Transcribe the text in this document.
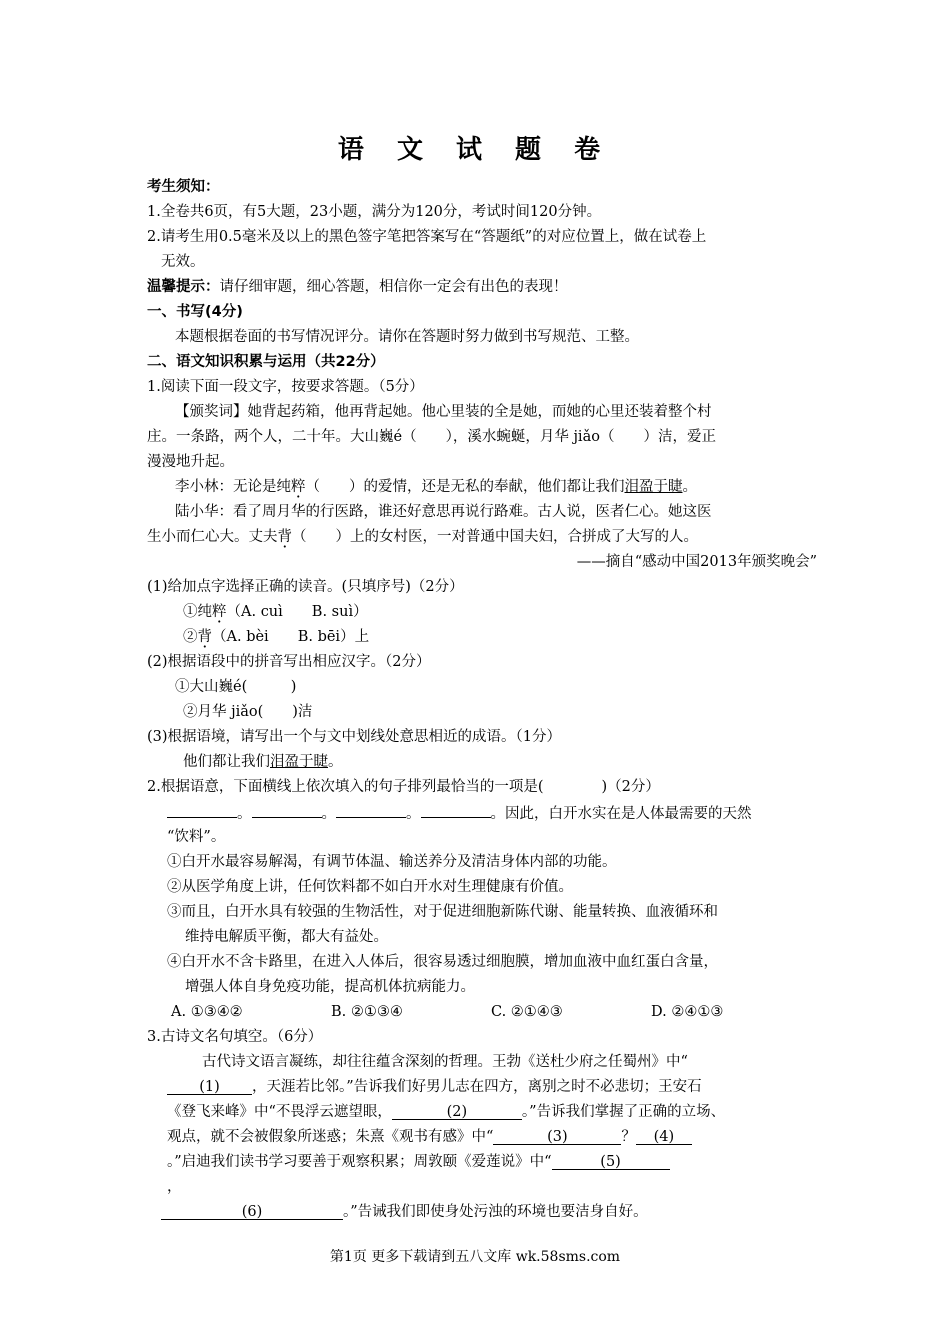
语 文 试 题 卷
考生须知：
1.全卷共6页，有5大题，23小题，满分为120分，考试时间120分钟。
2.请考生用0.5毫米及以上的黑色签字笔把答案写在“答题纸”的对应位置上，做在试卷上
无效。
温馨提示：请仔细审题，细心答题，相信你一定会有出色的表现！
一、书写(4分)
本题根据卷面的书写情况评分。请你在答题时努力做到书写规范、工整。
二、语文知识积累与运用（共22分）
1.阅读下面一段文字，按要求答题。（5分）
【颁奖词】她背起药箱，他再背起她。他心里装的全是她，而她的心里还装着整个村
庄。一条路，两个人，二十年。大山巍é（　　），溪水蜿蜒，月华 jiǎo（　　）洁，爱正
漫漫地升起。
李小林：无论是纯粹（　　）的爱情，还是无私的奉献，他们都让我们泪盈于睫。
陆小华：看了周月华的行医路，谁还好意思再说行路难。古人说，医者仁心。她这医
生小而仁心大。丈夫背（　　）上的女村医，一对普通中国夫妇，合拼成了大写的人。
——摘自“感动中国2013年颁奖晚会”
(1)给加点字选择正确的读音。(只填序号)（2分）
①纯粹（A. cuì　　B. suì）
②背（A. bèi　　B. bēi）上
(2)根据语段中的拼音写出相应汉字。（2分）
①大山巍é(　　　)
②月华 jiǎo(　　)洁
(3)根据语境，请写出一个与文中划线处意思相近的成语。（1分）
他们都让我们泪盈于睫。
2.根据语意，下面横线上依次填入的句子排列最恰当的一项是(　　　　)（2分）
。	。	。	。因此，白开水实在是人体最需要的天然
“饮料”。
①白开水最容易解渴，有调节体温、输送养分及清洁身体内部的功能。
②从医学角度上讲，任何饮料都不如白开水对生理健康有价值。
③而且，白开水具有较强的生物活性，对于促进细胞新陈代谢、能量转换、血液循环和
维持电解质平衡，都大有益处。
④白开水不含卡路里，在进入人体后，很容易透过细胞膜，增加血液中血红蛋白含量，
增强人体自身免疫功能，提高机体抗病能力。
A. ①③④②	B. ②①③④	C. ②①④③	D. ②④①③
3.古诗文名句填空。（6分）
古代诗文语言凝练，却往往蕴含深刻的哲理。王勃《送杜少府之任蜀州》中“
(1) ，天涯若比邻。”告诉我们好男儿志在四方，离别之时不必悲切；王安石
《登飞来峰》中“不畏浮云遮望眼，	(2)	。”告诉我们掌握了正确的立场、
观点，就不会被假象所迷惑；朱熹《观书有感》中“	(3)	？ (4)
。”启迪我们读书学习要善于观察积累；周敦颐《爱莲说》中“	(5)
，
(6)	。”告诫我们即使身处污浊的环境也要洁身自好。
第1页 更多下载请到五八文库 wk.58sms.com
